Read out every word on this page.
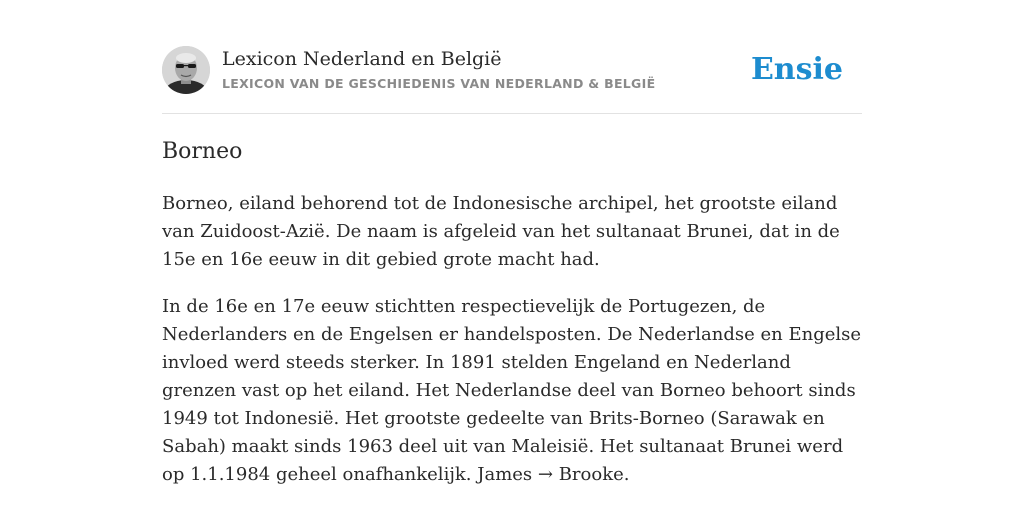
Lexicon Nederland en België
LEXICON VAN DE GESCHIEDENIS VAN NEDERLAND & BELGIË	Ensie
Borneo

Borneo, eiland behorend tot de Indonesische archipel, het grootste eiland van Zuidoost-Azië. De naam is afgeleid van het sultanaat Brunei, dat in de 15e en 16e eeuw in dit gebied grote macht had.

In de 16e en 17e eeuw stichtten respectievelijk de Portugezen, de Nederlanders en de Engelsen er handelsposten. De Nederlandse en Engelse invloed werd steeds sterker. In 1891 stelden Engeland en Nederland grenzen vast op het eiland. Het Nederlandse deel van Borneo behoort sinds 1949 tot Indonesië. Het grootste gedeelte van Brits-Borneo (Sarawak en Sabah) maakt sinds 1963 deel uit van Maleisië. Het sultanaat Brunei werd op 1.1.1984 geheel onafhankelijk. James → Brooke.
